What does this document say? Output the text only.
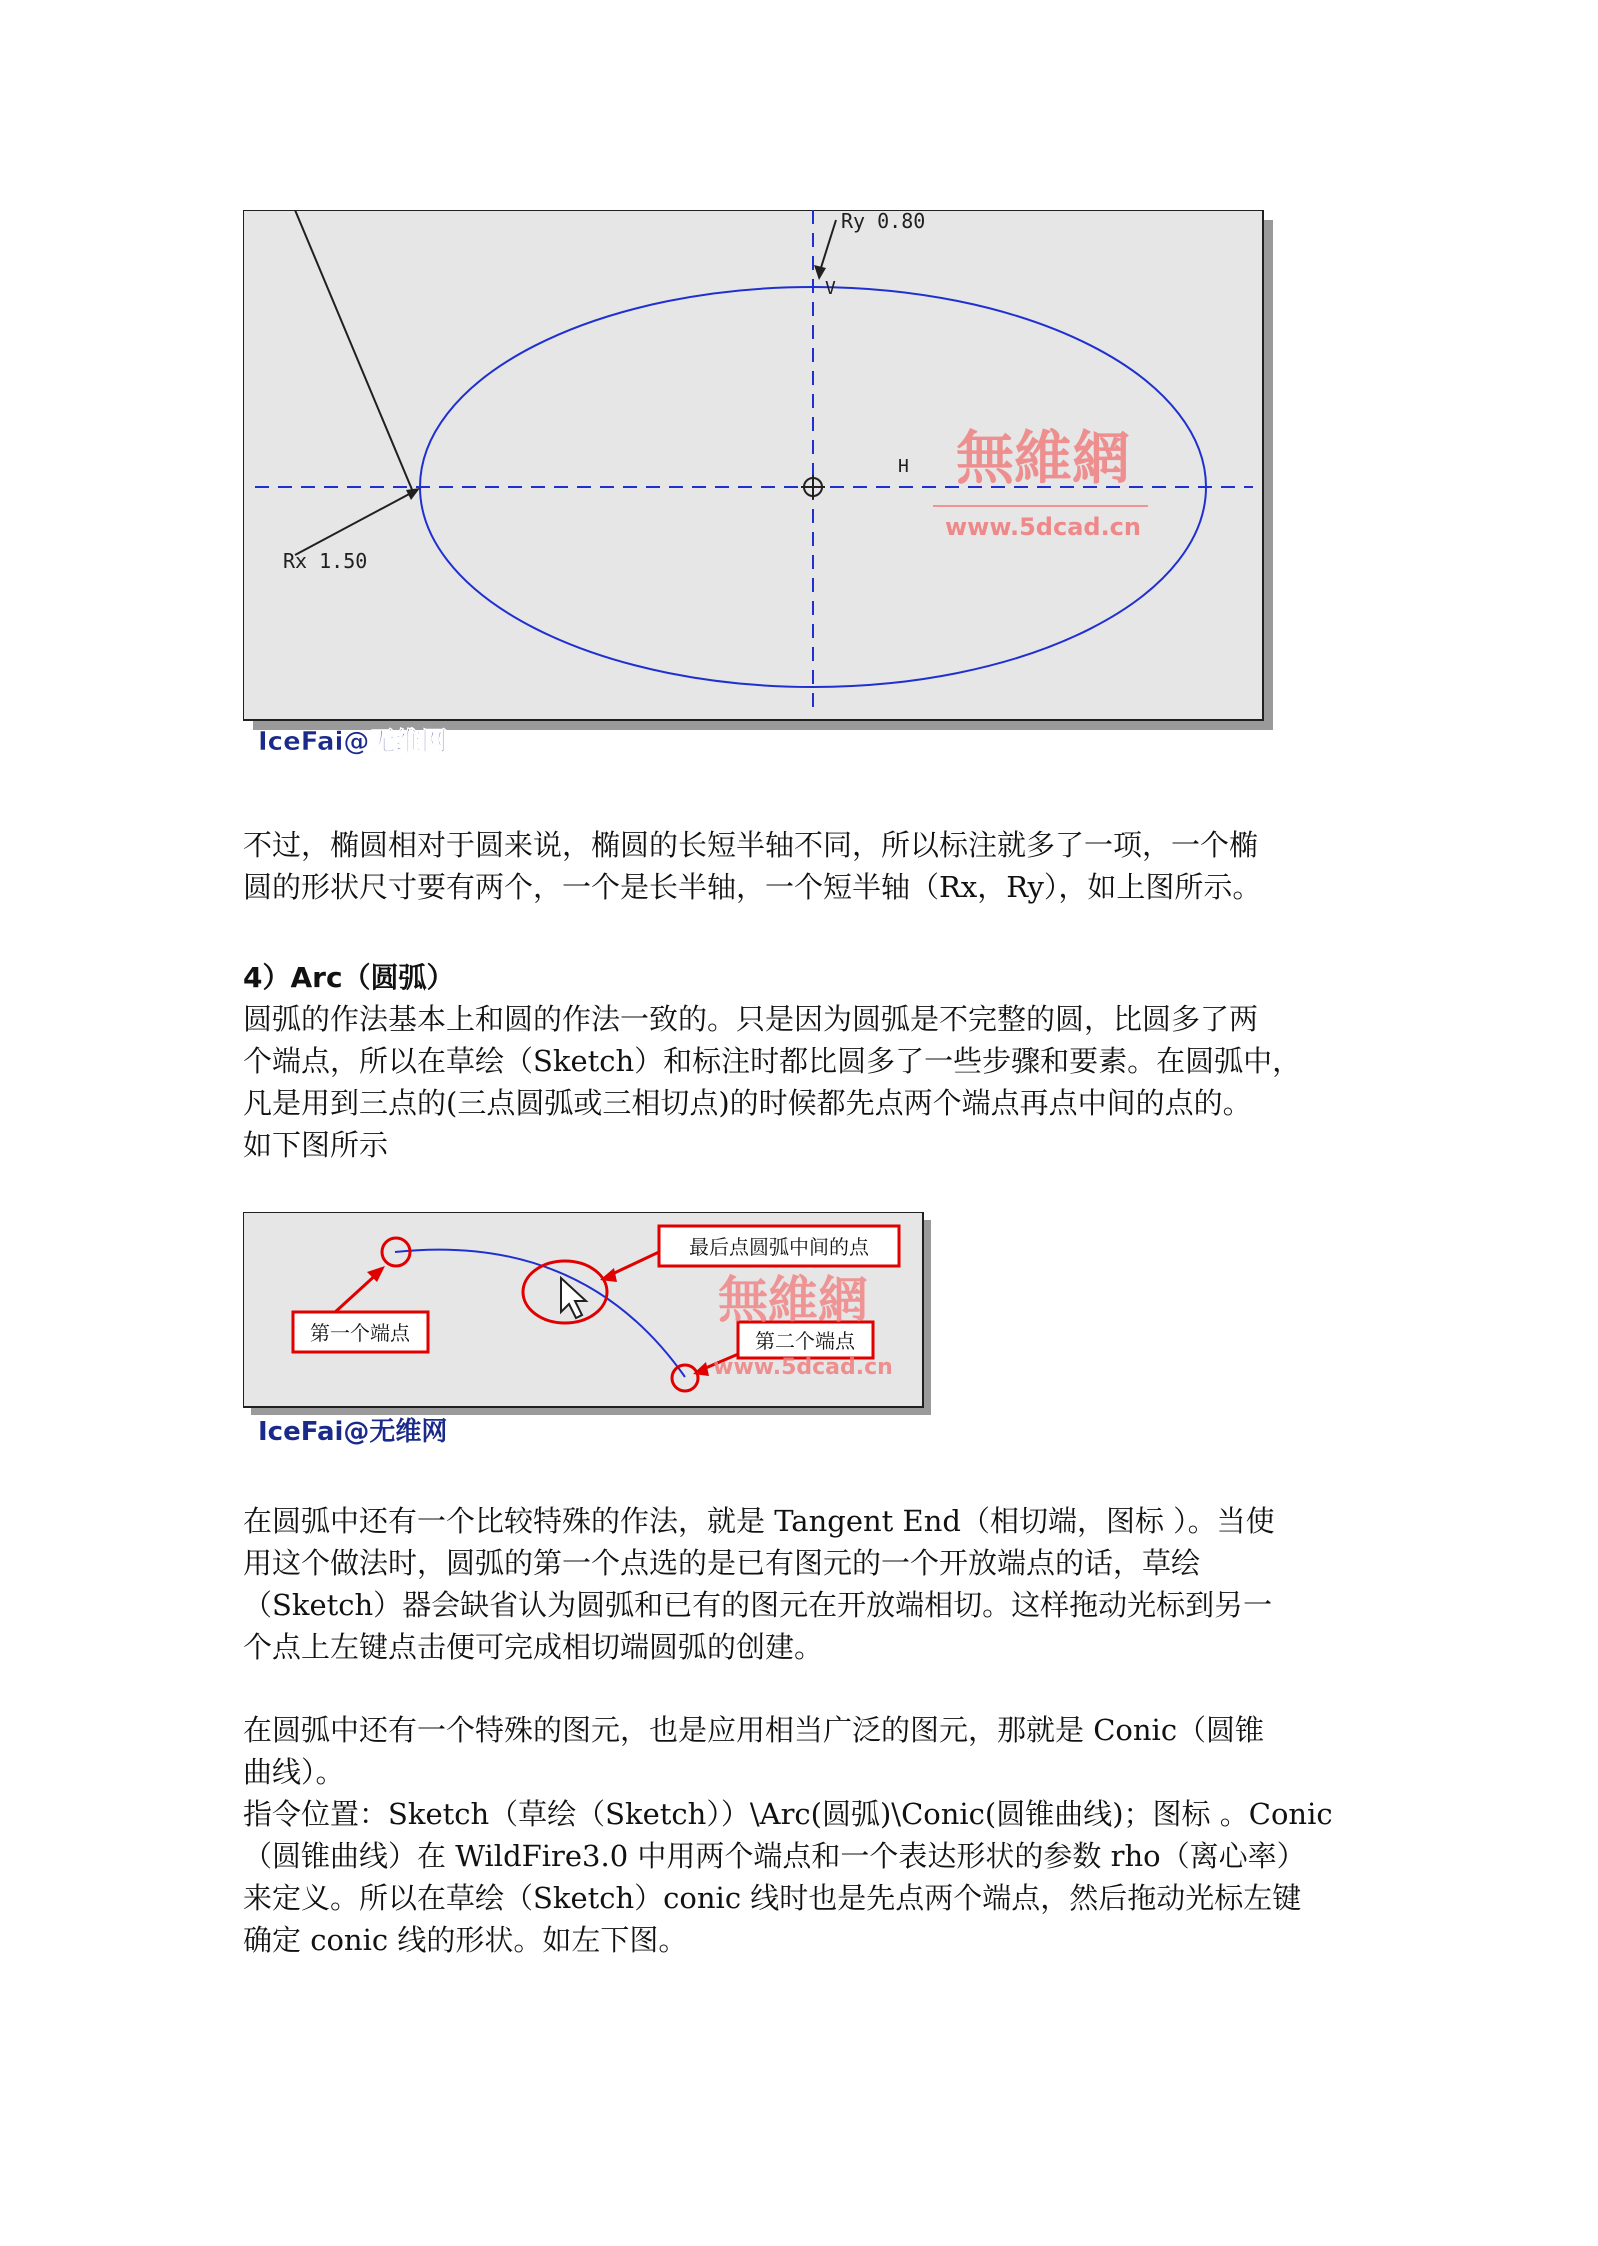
Ry 0.80
Rx 1.50
V
H 無維網
www.5dcad.cn
IceFai@无维网

不过，椭圆相对于圆来说，椭圆的长短半轴不同，所以标注就多了一项，一个椭
圆的形状尺寸要有两个，一个是长半轴，一个短半轴（Rx，Ry），如上图所示。

4）Arc（圆弧）

圆弧的作法基本上和圆的作法一致的。只是因为圆弧是不完整的圆，比圆多了两
个端点，所以在草绘（Sketch）和标注时都比圆多了一些步骤和要素。在圆弧中，
凡是用到三点的(三点圆弧或三相切点)的时候都先点两个端点再点中间的点的。
如下图所示

第一个端点
最后点圆弧中间的点
第二个端点
無維網
www.5dcad.cn
IceFai@无维网

在圆弧中还有一个比较特殊的作法，就是 Tangent End（相切端，图标 ）。当使
用这个做法时，圆弧的第一个点选的是已有图元的一个开放端点的话，草绘
（Sketch）器会缺省认为圆弧和已有的图元在开放端相切。这样拖动光标到另一
个点上左键点击便可完成相切端圆弧的创建。

在圆弧中还有一个特殊的图元，也是应用相当广泛的图元，那就是 Conic（圆锥
曲线）。
指令位置：Sketch（草绘（Sketch））\Arc(圆弧)\Conic(圆锥曲线)；图标 。Conic
（圆锥曲线）在 WildFire3.0 中用两个端点和一个表达形状的参数 rho（离心率）
来定义。所以在草绘（Sketch）conic 线时也是先点两个端点，然后拖动光标左键
确定 conic 线的形状。如左下图。
